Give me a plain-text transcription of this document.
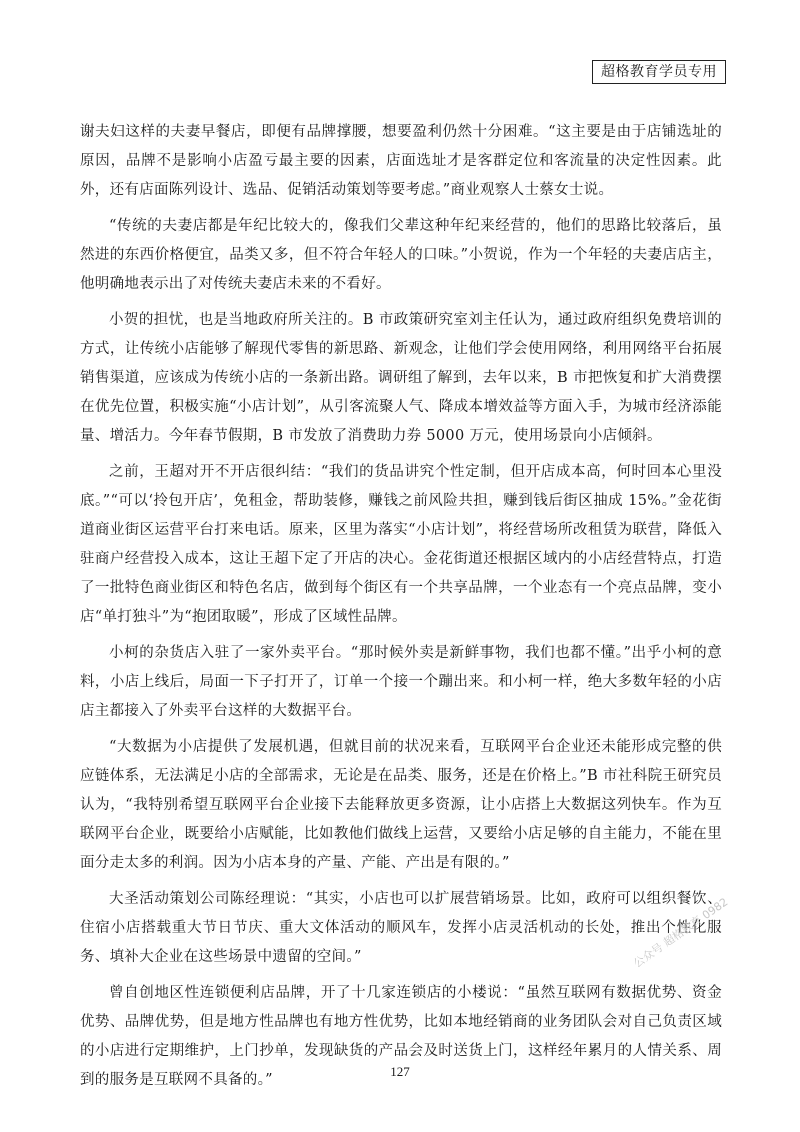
超格教育学员专用

谢夫妇这样的夫妻早餐店，即便有品牌撑腰，想要盈利仍然十分困难。“这主要是由于店铺选址的原因，品牌不是影响小店盈亏最主要的因素，店面选址才是客群定位和客流量的决定性因素。此外，还有店面陈列设计、选品、促销活动策划等要考虑。”商业观察人士蔡女士说。

“传统的夫妻店都是年纪比较大的，像我们父辈这种年纪来经营的，他们的思路比较落后，虽然进的东西价格便宜，品类又多，但不符合年轻人的口味。”小贺说，作为一个年轻的夫妻店店主，他明确地表示出了对传统夫妻店未来的不看好。

小贺的担忧，也是当地政府所关注的。B 市政策研究室刘主任认为，通过政府组织免费培训的方式，让传统小店能够了解现代零售的新思路、新观念，让他们学会使用网络，利用网络平台拓展销售渠道，应该成为传统小店的一条新出路。调研组了解到，去年以来，B 市把恢复和扩大消费摆在优先位置，积极实施“小店计划”，从引客流聚人气、降成本增效益等方面入手，为城市经济添能量、增活力。今年春节假期，B 市发放了消费助力券 5000 万元，使用场景向小店倾斜。

之前，王超对开不开店很纠结：“我们的货品讲究个性定制，但开店成本高，何时回本心里没底。”“可以‘拎包开店’，免租金，帮助装修，赚钱之前风险共担，赚到钱后街区抽成 15%。”金花街道商业街区运营平台打来电话。原来，区里为落实“小店计划”，将经营场所改租赁为联营，降低入驻商户经营投入成本，这让王超下定了开店的决心。金花街道还根据区域内的小店经营特点，打造了一批特色商业街区和特色名店，做到每个街区有一个共享品牌，一个业态有一个亮点品牌，变小店“单打独斗”为“抱团取暖”，形成了区域性品牌。

小柯的杂货店入驻了一家外卖平台。“那时候外卖是新鲜事物，我们也都不懂。”出乎小柯的意料，小店上线后，局面一下子打开了，订单一个接一个蹦出来。和小柯一样，绝大多数年轻的小店店主都接入了外卖平台这样的大数据平台。

“大数据为小店提供了发展机遇，但就目前的状况来看，互联网平台企业还未能形成完整的供应链体系，无法满足小店的全部需求，无论是在品类、服务，还是在价格上。”B 市社科院王研究员认为，“我特别希望互联网平台企业接下去能释放更多资源，让小店搭上大数据这列快车。作为互联网平台企业，既要给小店赋能，比如教他们做线上运营，又要给小店足够的自主能力，不能在里面分走太多的利润。因为小店本身的产量、产能、产出是有限的。”

大圣活动策划公司陈经理说：“其实，小店也可以扩展营销场景。比如，政府可以组织餐饮、住宿小店搭载重大节日节庆、重大文体活动的顺风车，发挥小店灵活机动的长处，推出个性化服务、填补大企业在这些场景中遗留的空间。”

曾自创地区性连锁便利店品牌，开了十几家连锁店的小楼说：“虽然互联网有数据优势、资金优势、品牌优势，但是地方性品牌也有地方性优势，比如本地经销商的业务团队会对自己负责区域的小店进行定期维护，上门抄单，发现缺货的产品会及时送货上门，这样经年累月的人情关系、周到的服务是互联网不具备的。”

公众号 超格教育 0982
127
